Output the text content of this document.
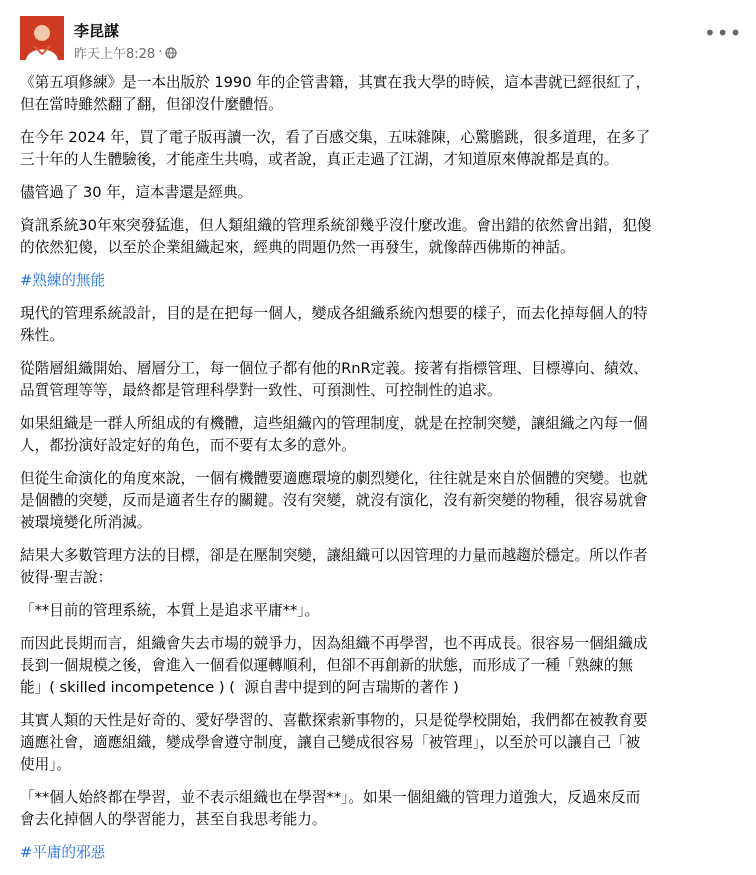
李昆謀
昨天上午8:28 ·
•••

《第五項修練》是一本出版於 1990 年的企管書籍，其實在我大學的時候，這本書就已經很紅了，
但在當時雖然翻了翻，但卻沒什麼體悟。

在今年 2024 年，買了電子版再讀一次，看了百感交集，五味雜陳，心驚膽跳，很多道理，在多了
三十年的人生體驗後，才能產生共鳴，或者說，真正走過了江湖，才知道原來傳說都是真的。

儘管過了 30 年，這本書還是經典。

資訊系統30年來突發猛進，但人類組織的管理系統卻幾乎沒什麼改進。會出錯的依然會出錯，犯傻
的依然犯傻，以至於企業組織起來，經典的問題仍然一再發生，就像薛西佛斯的神話。

#熟練的無能

現代的管理系統設計，目的是在把每一個人，變成各組織系統內想要的樣子，而去化掉每個人的特
殊性。

從階層組織開始、層層分工，每一個位子都有他的RnR定義。接著有指標管理、目標導向、績效、
品質管理等等，最終都是管理科學對一致性、可預測性、可控制性的追求。

如果組織是一群人所組成的有機體，這些組織內的管理制度，就是在控制突變，讓組織之內每一個
人，都扮演好設定好的角色，而不要有太多的意外。

但從生命演化的角度來說，一個有機體要適應環境的劇烈變化，往往就是來自於個體的突變。也就
是個體的突變，反而是適者生存的關鍵。沒有突變，就沒有演化，沒有新突變的物種，很容易就會
被環境變化所消滅。

結果大多數管理方法的目標，卻是在壓制突變，讓組織可以因管理的力量而越趨於穩定。所以作者
彼得·聖吉說：

「**目前的管理系統，本質上是追求平庸**」。

而因此長期而言，組織會失去市場的競爭力，因為組織不再學習，也不再成長。很容易一個組織成
長到一個規模之後，會進入一個看似運轉順利，但卻不再創新的狀態，而形成了一種「熟練的無
能」( skilled incompetence ) (  源自書中提到的阿吉瑞斯的著作 )

其實人類的天性是好奇的、愛好學習的、喜歡探索新事物的，只是從學校開始，我們都在被教育要
適應社會，適應組織，變成學會遵守制度，讓自己變成很容易「被管理」，以至於可以讓自己「被
使用」。

「**個人始終都在學習，並不表示組織也在學習**」。如果一個組織的管理力道強大，反過來反而
會去化掉個人的學習能力，甚至自我思考能力。

#平庸的邪惡
